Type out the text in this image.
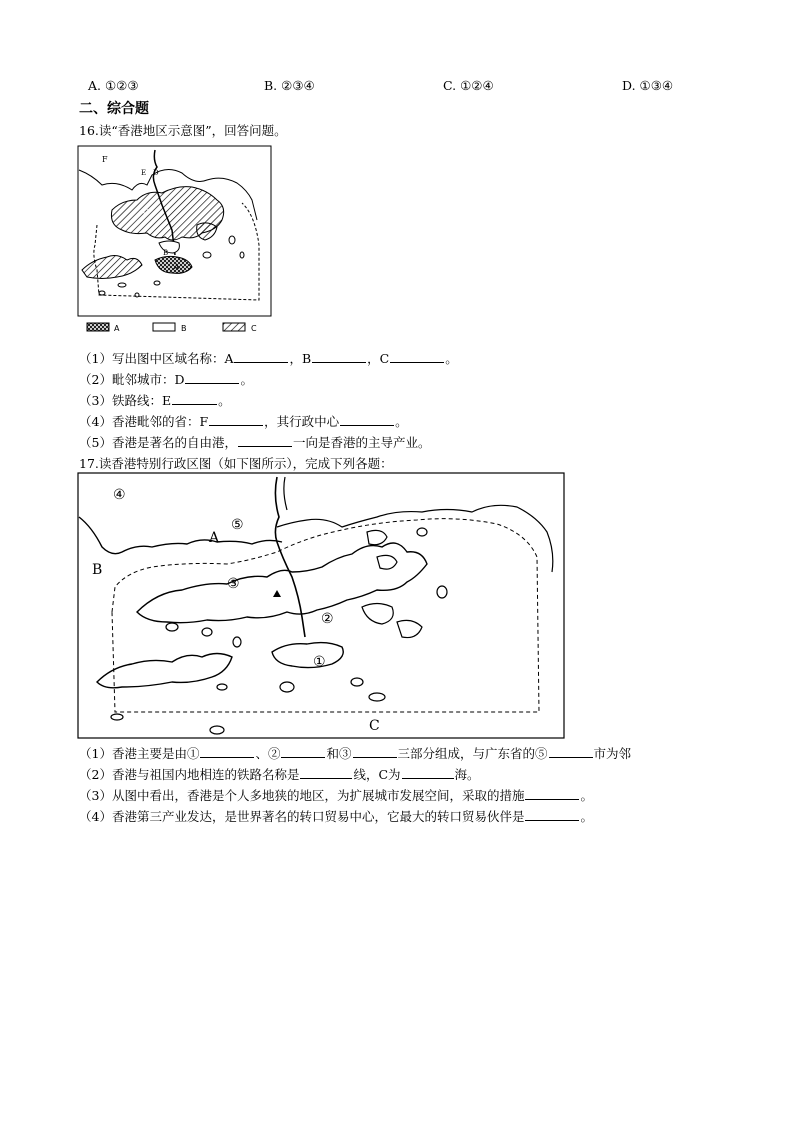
A. ①②③	B. ②③④	C. ①②④	D. ①③④
二、综合题
16.读“香港地区示意图”，回答问题。
F
E D
C
B
A
A	B	C
（1）写出图中区域名称：A	，B	，C	。
（2）毗邻城市：D	。
（3）铁路线：E	。
（4）香港毗邻的省：F	，其行政中心	。
（5）香港是著名的自由港，	一向是香港的主导产业。
17.读香港特别行政区图（如下图所示），完成下列各题：
④
⑤
A
B
③
②
①
C
（1）香港主要是由①	、②	和③	三部分组成，与广东省的⑤	市为邻
（2）香港与祖国内地相连的铁路名称是	线，C为	海。
（3）从图中看出，香港是个人多地狭的地区，为扩展城市发展空间，采取的措施	。
（4）香港第三产业发达，是世界著名的转口贸易中心，它最大的转口贸易伙伴是	。
